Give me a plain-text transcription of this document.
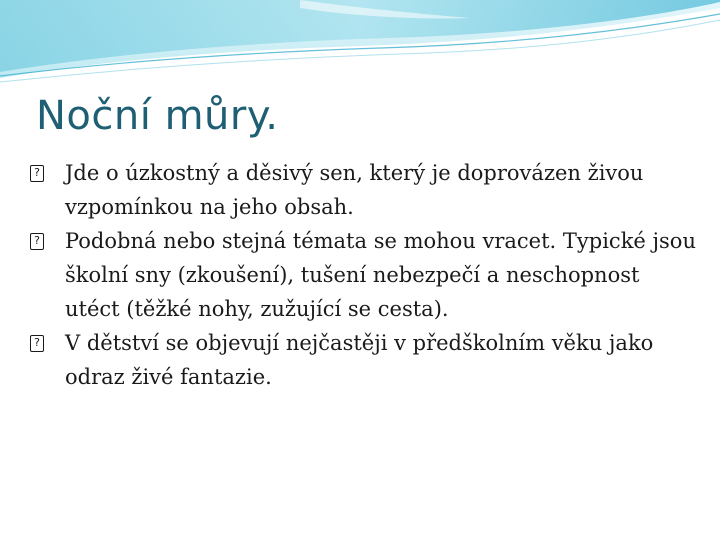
Noční můry.
? Jde o úzkostný a děsivý sen, který je doprovázen živou vzpomínkou na jeho obsah.
? Podobná nebo stejná témata se mohou vracet. Typické jsou školní sny (zkoušení), tušení nebezpečí a neschopnost utéct (těžké nohy, zužující se cesta).
? V dětství se objevují nejčastěji v předškolním věku jako odraz živé fantazie.
